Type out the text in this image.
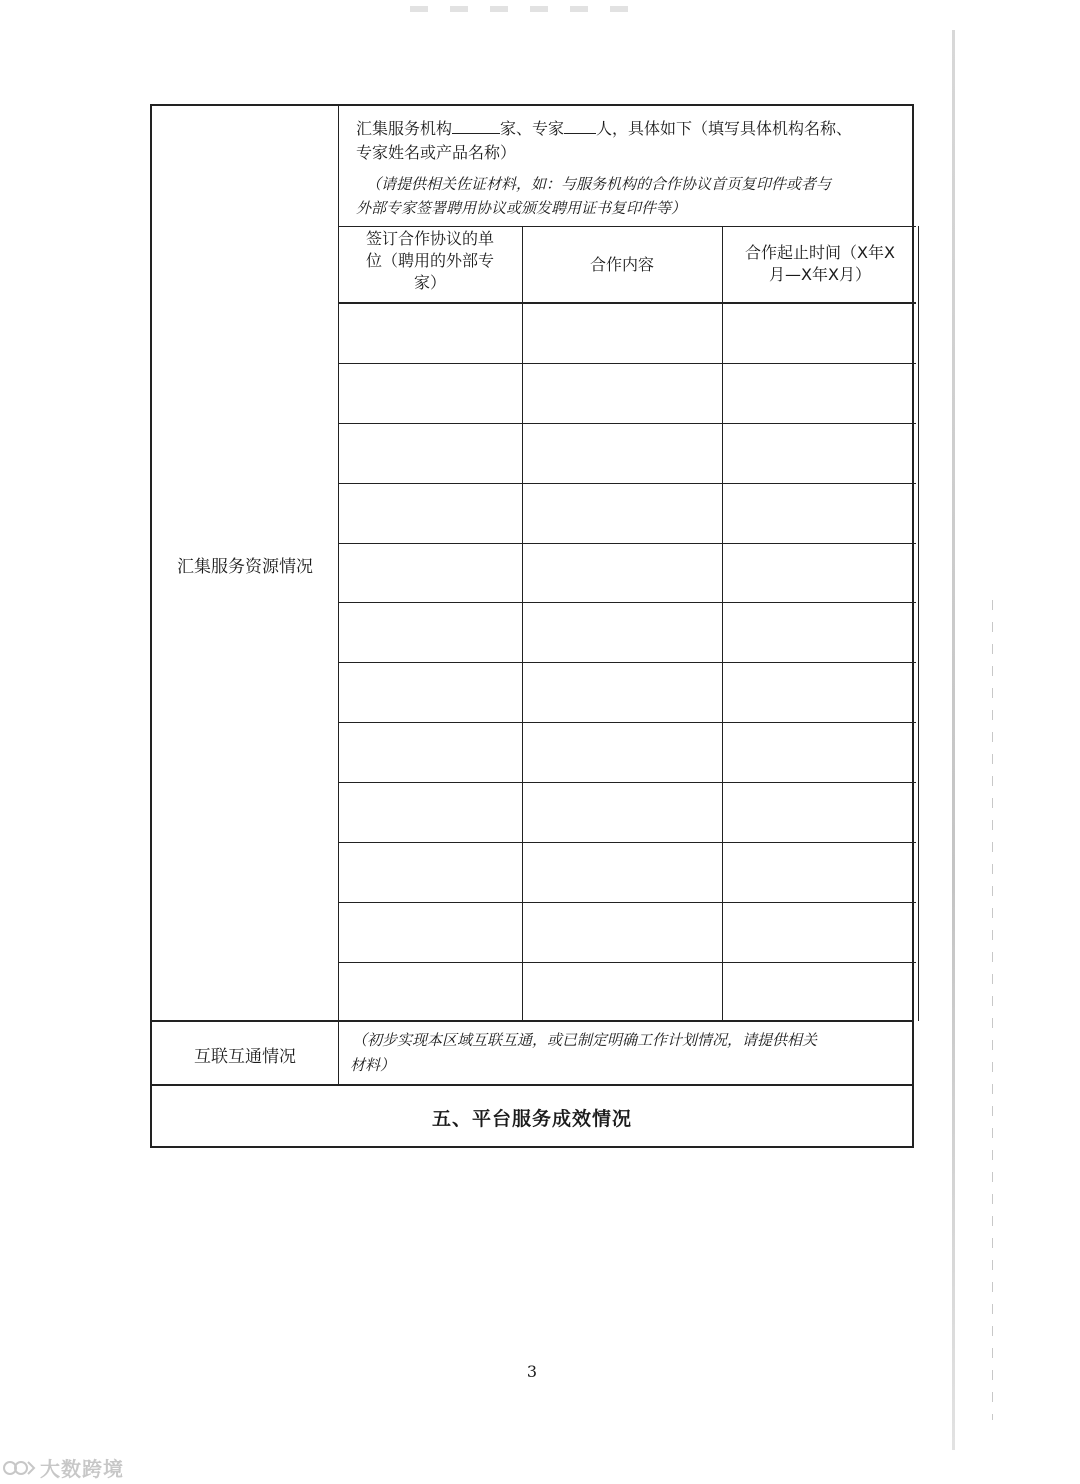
汇集服务机构	家、专家 人，具体如下（填写具体机构名称、
专家姓名或产品名称）
（请提供相关佐证材料，如：与服务机构的合作协议首页复印件或者与
外部专家签署聘用协议或颁发聘用证书复印件等）
签订合作协议的单
位（聘用的外部专
家）
合作内容
合作起止时间（X年X
月—X年X月）
汇集服务资源情况
互联互通情况
（初步实现本区域互联互通，或已制定明确工作计划情况，请提供相关
材料）
五、平台服务成效情况
3
大数跨境
